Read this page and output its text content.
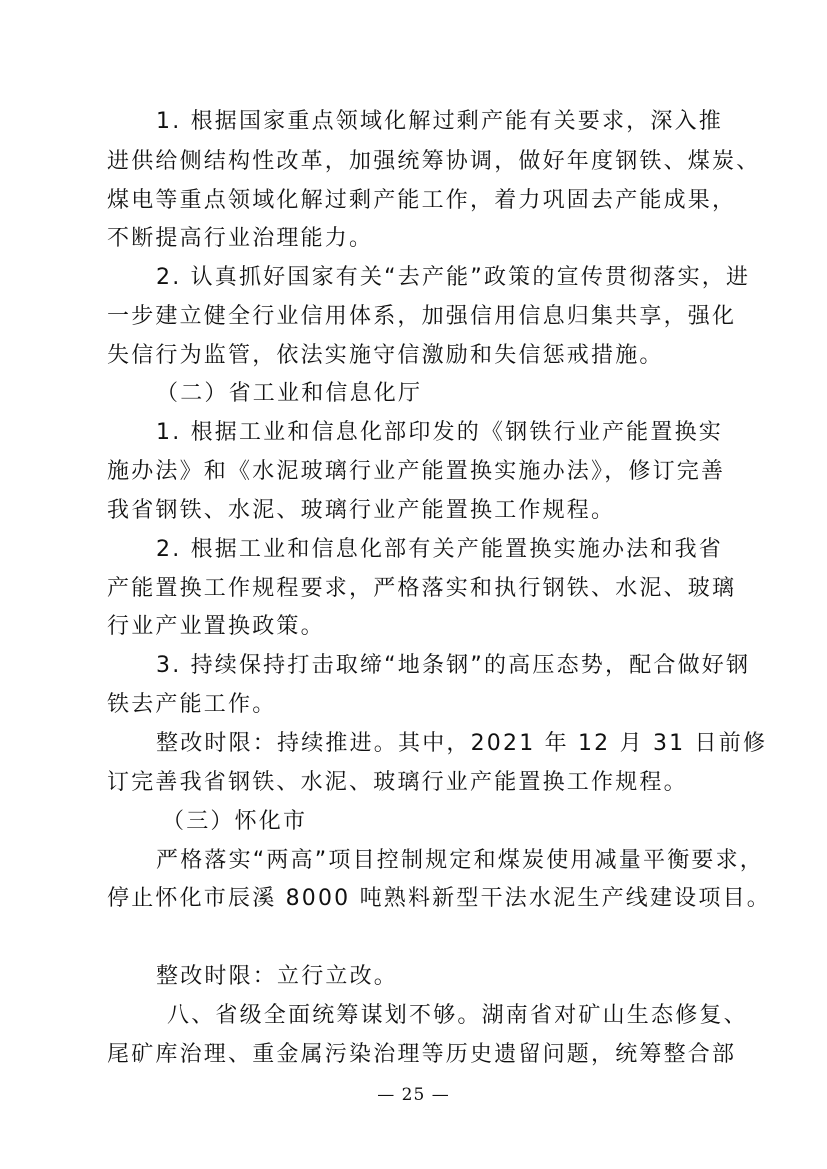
1. 根据国家重点领域化解过剩产能有关要求，深入推
进供给侧结构性改革，加强统筹协调，做好年度钢铁、煤炭、
煤电等重点领域化解过剩产能工作，着力巩固去产能成果，
不断提高行业治理能力。
2. 认真抓好国家有关“去产能”政策的宣传贯彻落实，进
一步建立健全行业信用体系，加强信用信息归集共享，强化
失信行为监管，依法实施守信激励和失信惩戒措施。
（二）省工业和信息化厅
1. 根据工业和信息化部印发的《钢铁行业产能置换实
施办法》和《水泥玻璃行业产能置换实施办法》，修订完善
我省钢铁、水泥、玻璃行业产能置换工作规程。
2. 根据工业和信息化部有关产能置换实施办法和我省
产能置换工作规程要求，严格落实和执行钢铁、水泥、玻璃
行业产业置换政策。
3. 持续保持打击取缔“地条钢”的高压态势，配合做好钢
铁去产能工作。
整改时限：持续推进。其中，2021 年 12 月 31 日前修
订完善我省钢铁、水泥、玻璃行业产能置换工作规程。
（三）怀化市
严格落实“两高”项目控制规定和煤炭使用减量平衡要求，
停止怀化市辰溪 8000 吨熟料新型干法水泥生产线建设项目。
整改时限：立行立改。
八、省级全面统筹谋划不够。湖南省对矿山生态修复、
尾矿库治理、重金属污染治理等历史遗留问题，统筹整合部
— 25 —
